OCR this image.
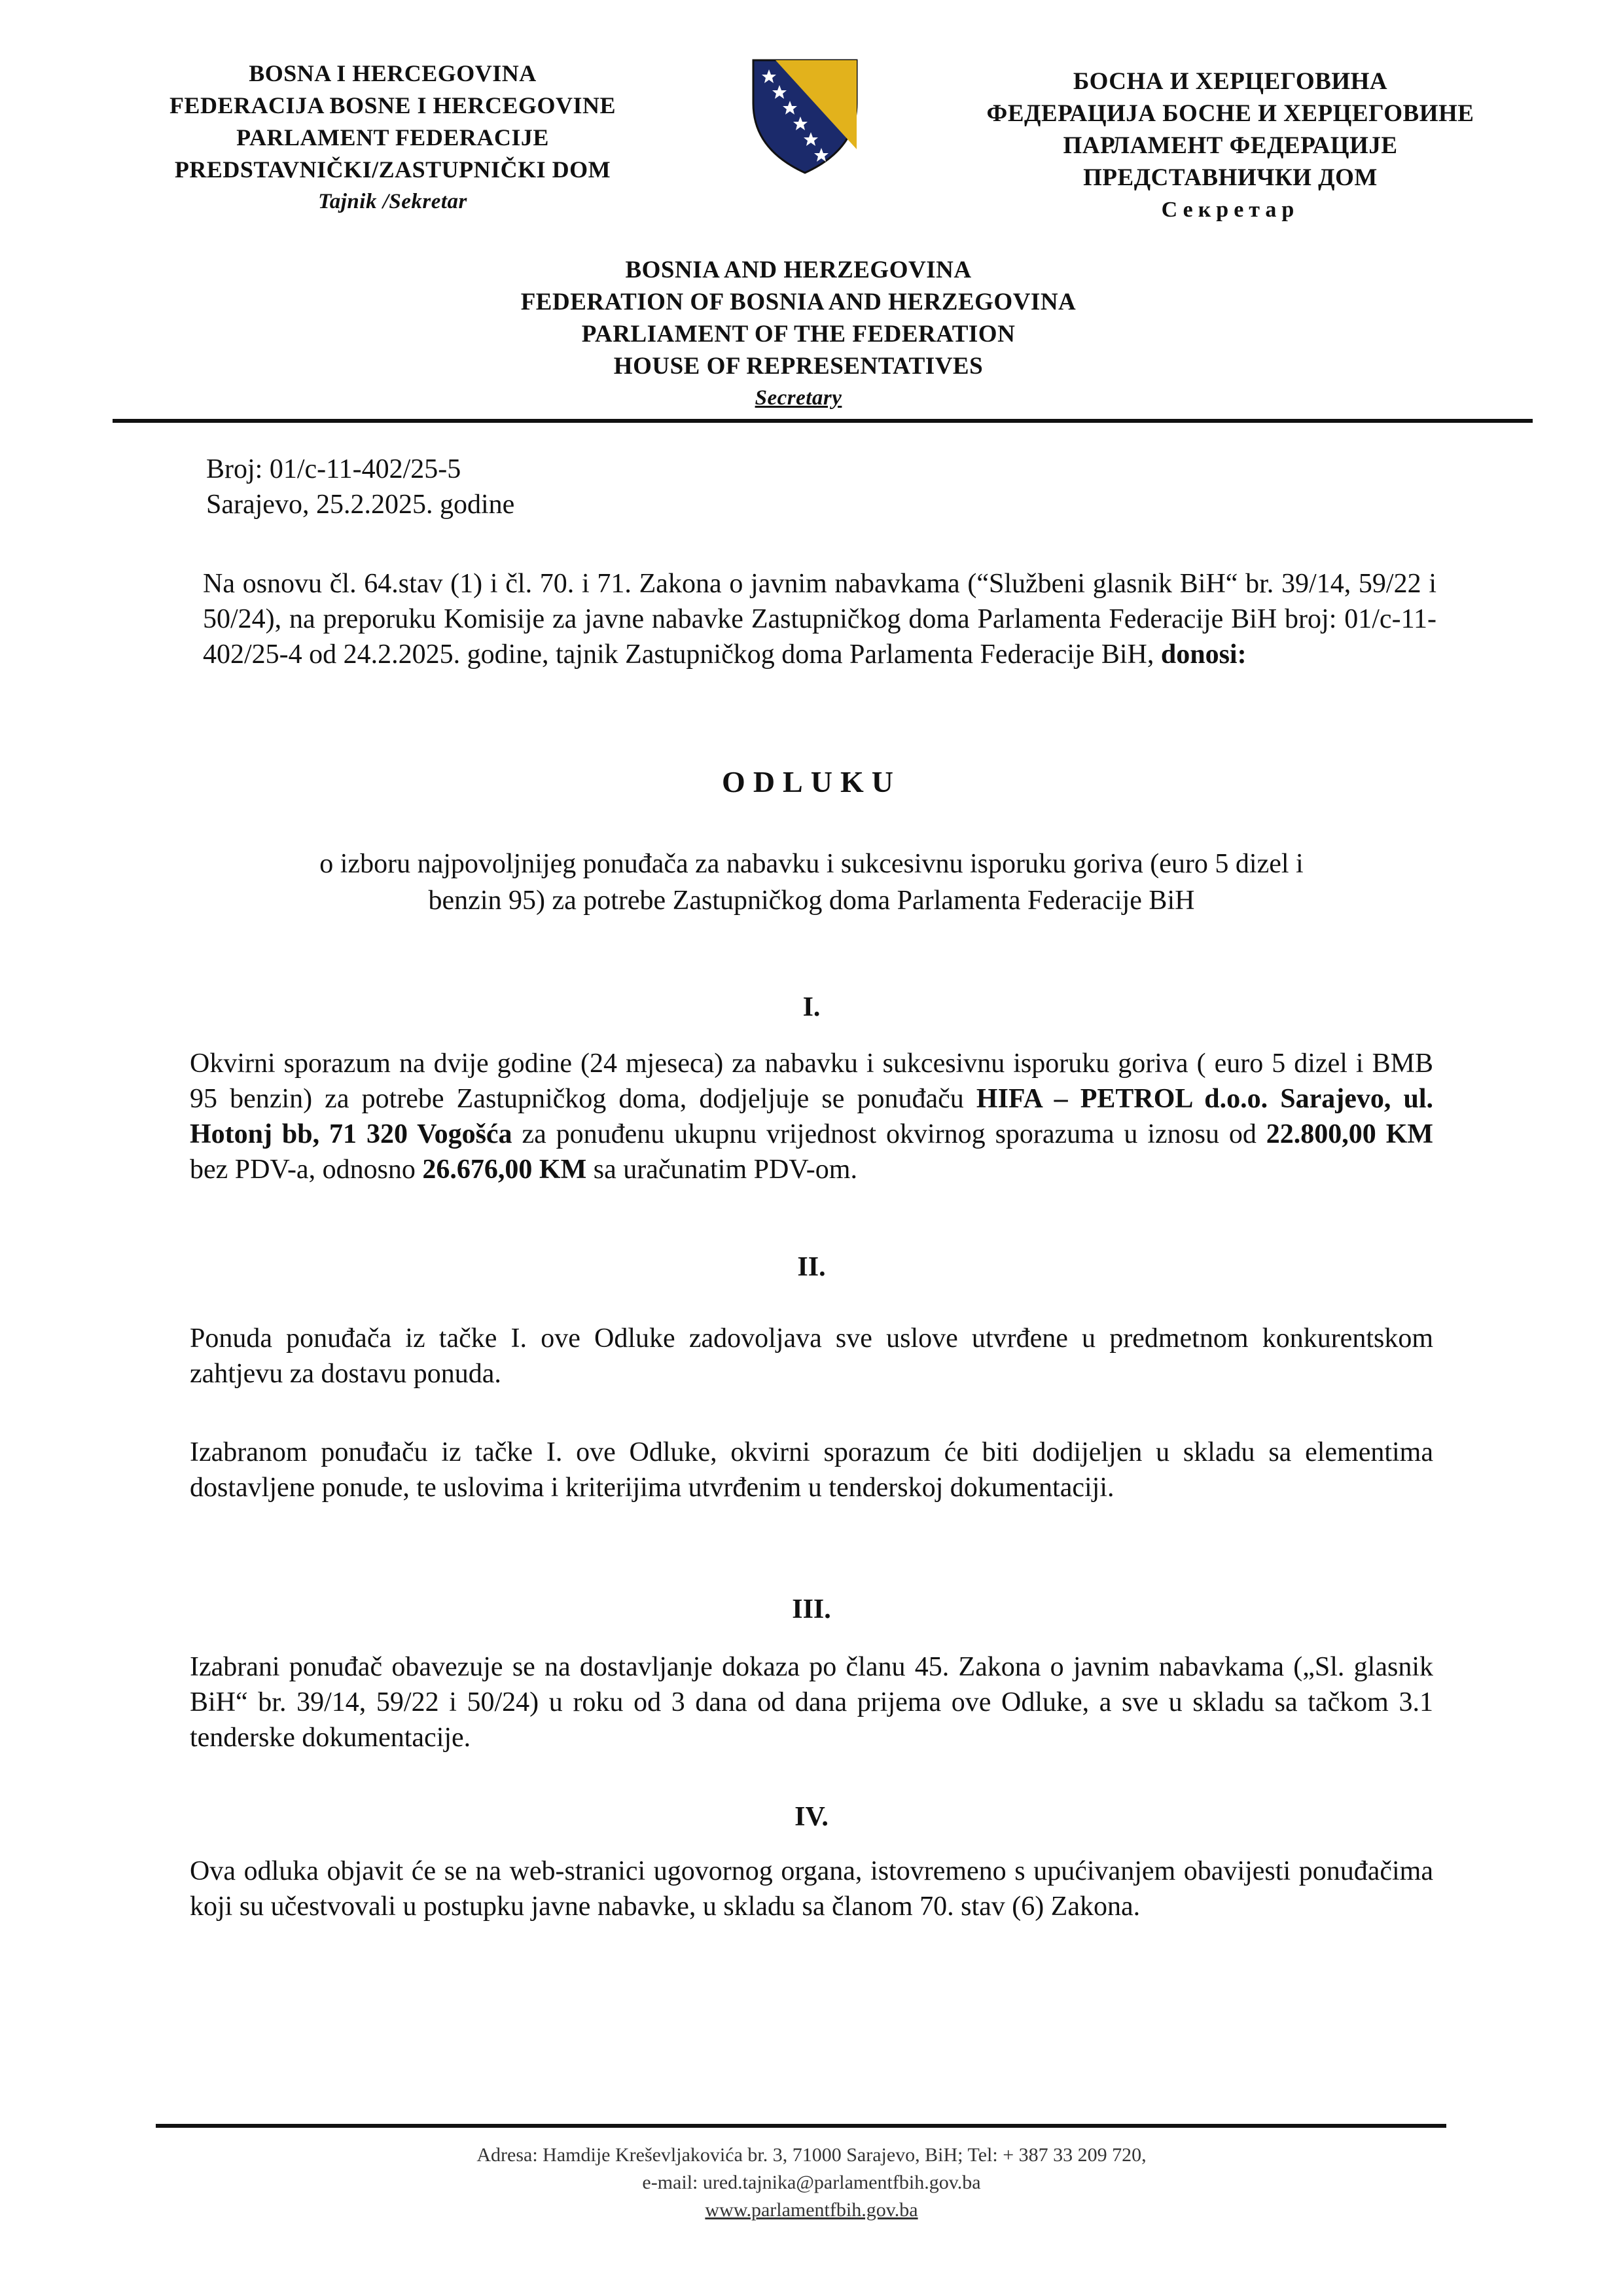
BOSNA I HERCEGOVINA
FEDERACIJA BOSNE I HERCEGOVINE
PARLAMENT FEDERACIJE
PREDSTAVNIČKI/ZASTUPNIČKI DOM
Tajnik /Sekretar
БОСНА И ХЕРЦЕГОВИНА
ФЕДЕРАЦИЈА БОСНЕ И ХЕРЦЕГОВИНЕ
ПАРЛАМЕНТ ФЕДЕРАЦИЈЕ
ПРЕДСТАВНИЧКИ ДОМ
Секретар
BOSNIA AND HERZEGOVINA
FEDERATION OF BOSNIA AND HERZEGOVINA
PARLIAMENT OF THE FEDERATION
HOUSE OF REPRESENTATIVES
Secretary
Broj: 01/c-11-402/25-5
Sarajevo, 25.2.2025. godine
Na osnovu čl. 64.stav (1) i čl. 70. i 71. Zakona o javnim nabavkama (“Službeni glasnik BiH“ br. 39/14, 59/22 i 50/24), na preporuku Komisije za javne nabavke Zastupničkog doma Parlamenta Federacije BiH broj: 01/c-11-402/25-4 od 24.2.2025. godine, tajnik Zastupničkog doma Parlamenta Federacije BiH, donosi:
ODLUKU
o izboru najpovoljnijeg ponuđača za nabavku i sukcesivnu isporuku goriva (euro 5 dizel i
benzin 95) za potrebe Zastupničkog doma Parlamenta Federacije BiH
I.
Okvirni sporazum na dvije godine (24 mjeseca) za nabavku i sukcesivnu isporuku goriva ( euro 5 dizel i BMB 95 benzin) za potrebe Zastupničkog doma, dodjeljuje se ponuđaču HIFA – PETROL d.o.o. Sarajevo, ul. Hotonj bb, 71 320 Vogošća za ponuđenu ukupnu vrijednost okvirnog sporazuma u iznosu od 22.800,00 KM bez PDV-a, odnosno 26.676,00 KM sa uračunatim PDV-om.
II.
Ponuda ponuđača iz tačke I. ove Odluke zadovoljava sve uslove utvrđene u predmetnom konkurentskom zahtjevu za dostavu ponuda.
Izabranom ponuđaču iz tačke I. ove Odluke, okvirni sporazum će biti dodijeljen u skladu sa elementima dostavljene ponude, te uslovima i kriterijima utvrđenim u tenderskoj dokumentaciji.
III.
Izabrani ponuđač obavezuje se na dostavljanje dokaza po članu 45. Zakona o javnim nabavkama („Sl. glasnik BiH“ br. 39/14, 59/22 i 50/24) u roku od 3 dana od dana prijema ove Odluke, a sve u skladu sa tačkom 3.1 tenderske dokumentacije.
IV.
Ova odluka objavit će se na web-stranici ugovornog organa, istovremeno s upućivanjem obavijesti ponuđačima koji su učestvovali u postupku javne nabavke, u skladu sa članom 70. stav (6) Zakona.
Adresa: Hamdije Kreševljakovića br. 3, 71000 Sarajevo, BiH; Tel: + 387 33 209 720,
e-mail: ured.tajnika@parlamentfbih.gov.ba
www.parlamentfbih.gov.ba
